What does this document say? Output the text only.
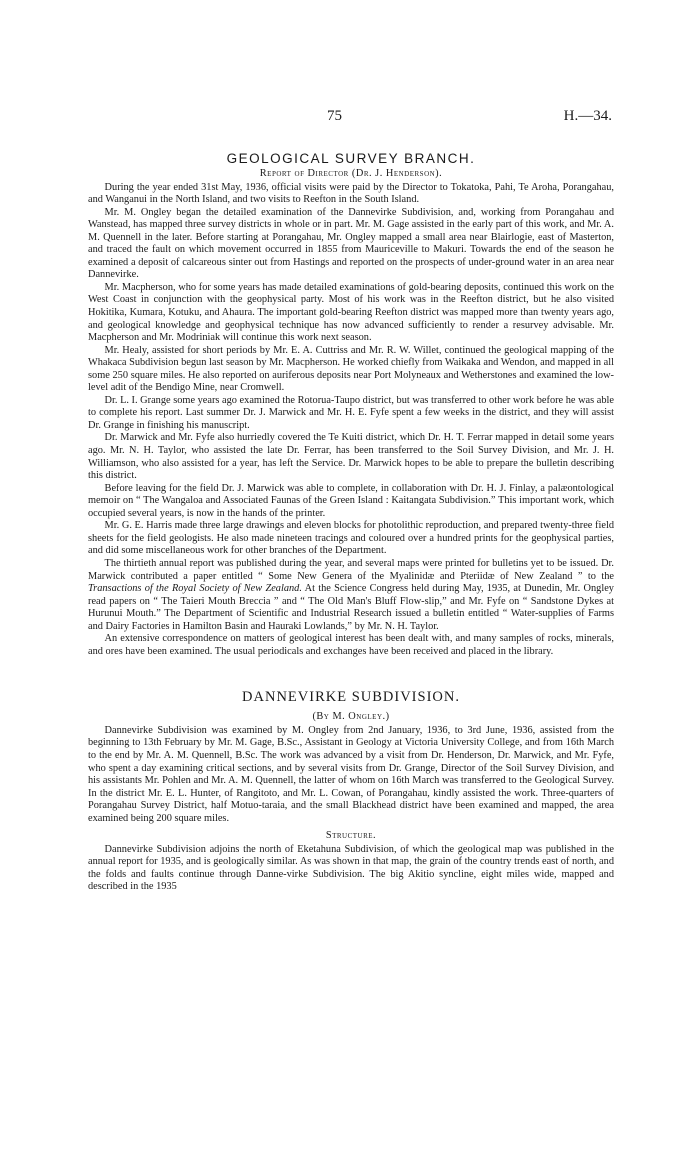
75	H.—34.
GEOLOGICAL SURVEY BRANCH.
Report of Director (Dr. J. Henderson).

During the year ended 31st May, 1936, official visits were paid by the Director to Tokatoka, Pahi, Te Aroha, Porangahau, and Wanganui in the North Island, and two visits to Reefton in the South Island.

Mr. M. Ongley began the detailed examination of the Dannevirke Subdivision, and, working from Porangahau and Wanstead, has mapped three survey districts in whole or in part. Mr. M. Gage assisted in the early part of this work, and Mr. A. M. Quennell in the later. Before starting at Porangahau, Mr. Ongley mapped a small area near Blairlogie, east of Masterton, and traced the fault on which movement occurred in 1855 from Mauriceville to Makuri. Towards the end of the season he examined a deposit of calcareous sinter out from Hastings and reported on the prospects of under-ground water in an area near Dannevirke.

Mr. Macpherson, who for some years has made detailed examinations of gold-bearing deposits, continued this work on the West Coast in conjunction with the geophysical party. Most of his work was in the Reefton district, but he also visited Hokitika, Kumara, Kotuku, and Ahaura. The important gold-bearing Reefton district was mapped more than twenty years ago, and geological knowledge and geophysical technique has now advanced sufficiently to render a resurvey advisable. Mr. Macpherson and Mr. Modriniak will continue this work next season.

Mr. Healy, assisted for short periods by Mr. E. A. Cuttriss and Mr. R. W. Willet, continued the geological mapping of the Whakaca Subdivision begun last season by Mr. Macpherson. He worked chiefly from Waikaka and Wendon, and mapped in all some 250 square miles. He also reported on auriferous deposits near Port Molyneaux and Wetherstones and examined the low-level adit of the Bendigo Mine, near Cromwell.

Dr. L. I. Grange some years ago examined the Rotorua-Taupo district, but was transferred to other work before he was able to complete his report. Last summer Dr. J. Marwick and Mr. H. E. Fyfe spent a few weeks in the district, and they will assist Dr. Grange in finishing his manuscript.

Dr. Marwick and Mr. Fyfe also hurriedly covered the Te Kuiti district, which Dr. H. T. Ferrar mapped in detail some years ago. Mr. N. H. Taylor, who assisted the late Dr. Ferrar, has been transferred to the Soil Survey Division, and Mr. J. H. Williamson, who also assisted for a year, has left the Service. Dr. Marwick hopes to be able to prepare the bulletin describing this district.

Before leaving for the field Dr. J. Marwick was able to complete, in collaboration with Dr. H. J. Finlay, a palæontological memoir on “ The Wangaloa and Associated Faunas of the Green Island : Kaitangata Subdivision.” This important work, which occupied several years, is now in the hands of the printer.

Mr. G. E. Harris made three large drawings and eleven blocks for photolithic reproduction, and prepared twenty-three field sheets for the field geologists. He also made nineteen tracings and coloured over a hundred prints for the geophysical parties, and did some miscellaneous work for other branches of the Department.

The thirtieth annual report was published during the year, and several maps were printed for bulletins yet to be issued. Dr. Marwick contributed a paper entitled “ Some New Genera of the Myalinidæ and Pteriidæ of New Zealand ” to the Transactions of the Royal Society of New Zealand. At the Science Congress held during May, 1935, at Dunedin, Mr. Ongley read papers on “ The Taieri Mouth Breccia ” and “ The Old Man's Bluff Flow-slip,” and Mr. Fyfe on “ Sandstone Dykes at Hurunui Mouth.” The Department of Scientific and Industrial Research issued a bulletin entitled “ Water-supplies of Farms and Dairy Factories in Hamilton Basin and Hauraki Lowlands,” by Mr. N. H. Taylor.

An extensive correspondence on matters of geological interest has been dealt with, and many samples of rocks, minerals, and ores have been examined. The usual periodicals and exchanges have been received and placed in the library.

DANNEVIRKE SUBDIVISION.
(By M. Ongley.)

Dannevirke Subdivision was examined by M. Ongley from 2nd January, 1936, to 3rd June, 1936, assisted from the beginning to 13th February by Mr. M. Gage, B.Sc., Assistant in Geology at Victoria University College, and from 16th March to the end by Mr. A. M. Quennell, B.Sc. The work was advanced by a visit from Dr. Henderson, Dr. Marwick, and Mr. Fyfe, who spent a day examining critical sections, and by several visits from Dr. Grange, Director of the Soil Survey Division, and his assistants Mr. Pohlen and Mr. A. M. Quennell, the latter of whom on 16th March was transferred to the Geological Survey. In the district Mr. E. L. Hunter, of Rangitoto, and Mr. L. Cowan, of Porangahau, kindly assisted the work. Three-quarters of Porangahau Survey District, half Motuo-taraia, and the small Blackhead district have been examined and mapped, the area examined being 200 square miles.

Structure.

Dannevirke Subdivision adjoins the north of Eketahuna Subdivision, of which the geological map was published in the annual report for 1935, and is geologically similar. As was shown in that map, the grain of the country trends east of north, and the folds and faults continue through Danne-virke Subdivision. The big Akitio syncline, eight miles wide, mapped and described in the 1935
